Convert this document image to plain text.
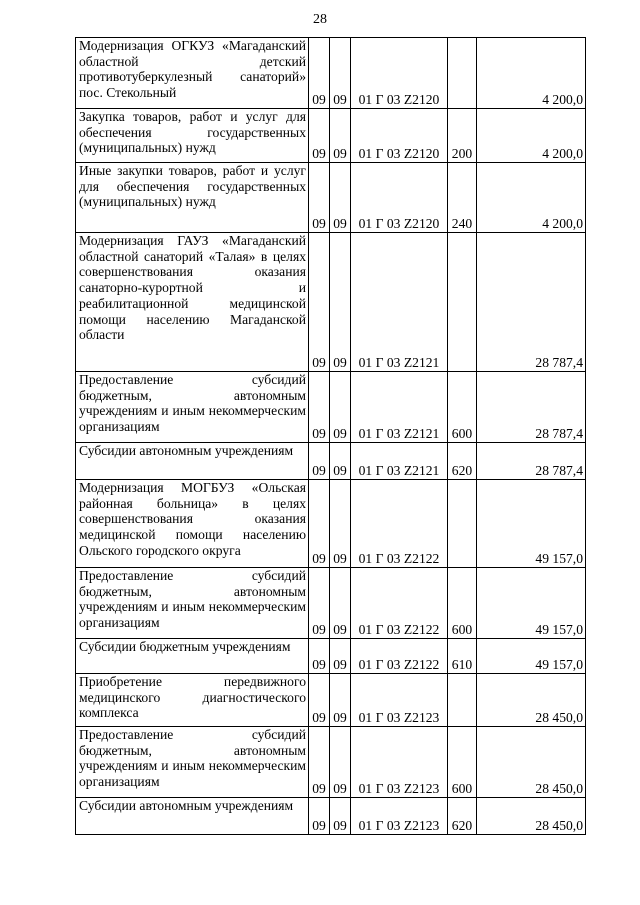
28
Модернизация ОГКУЗ «Магаданский областной детский противотуберкулезный санаторий» пос. Стекольный	09	09	01 Г 03 Z2120		4 200,0
Закупка товаров, работ и услуг для обеспечения государственных (муниципальных) нужд	09	09	01 Г 03 Z2120	200	4 200,0
Иные закупки товаров, работ и услуг для обеспечения государственных (муниципальных) нужд	09	09	01 Г 03 Z2120	240	4 200,0
Модернизация ГАУЗ «Магаданский областной санаторий «Талая» в целях совершенствования оказания санаторно-курортной и реабилитационной медицинской помощи населению Магаданской области	09	09	01 Г 03 Z2121		28 787,4
Предоставление субсидий бюджетным, автономным учреждениям и иным некоммерческим организациям	09	09	01 Г 03 Z2121	600	28 787,4
Субсидии автономным учреждениям	09	09	01 Г 03 Z2121	620	28 787,4
Модернизация МОГБУЗ «Ольская районная больница» в целях совершенствования оказания медицинской помощи населению Ольского городского округа	09	09	01 Г 03 Z2122		49 157,0
Предоставление субсидий бюджетным, автономным учреждениям и иным некоммерческим организациям	09	09	01 Г 03 Z2122	600	49 157,0
Субсидии бюджетным учреждениям	09	09	01 Г 03 Z2122	610	49 157,0
Приобретение передвижного медицинского диагностического комплекса	09	09	01 Г 03 Z2123		28 450,0
Предоставление субсидий бюджетным, автономным учреждениям и иным некоммерческим организациям	09	09	01 Г 03 Z2123	600	28 450,0
Субсидии автономным учреждениям	09	09	01 Г 03 Z2123	620	28 450,0
